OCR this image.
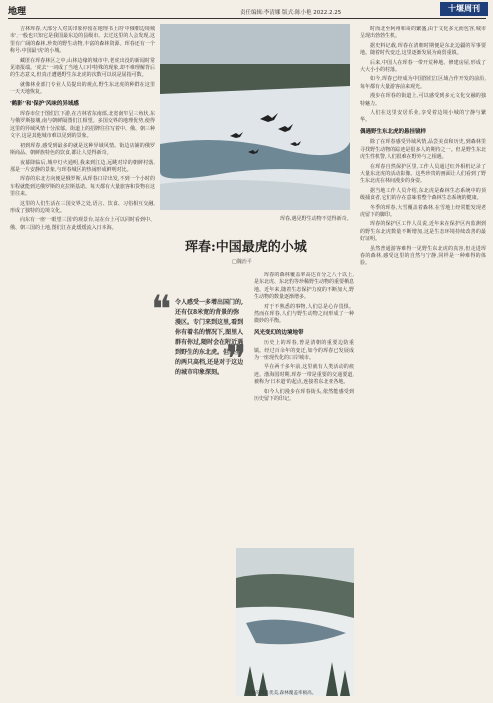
地理	责任编辑:李清娜 版式:陈小艳 2022.2.25	十堰周刊

吉林珲春,大部分人对其印象停留在地理书上的'中俄朝边境城市',一般也只知它是我国最东边的县级市。去过这里的人会发现,这里有广阔的森林,珍贵的野生动物,丰富的森林资源。珲春还有一个称号:中国最'虎'的小城。

藏匿在珲春林区之中,山林边缘的城市中,老虎出没的新闻时常见诸报端。'虎去'一词成了当地人口中特殊的现象,却不难理解背后的生态意义,但真正遭遇野生东北虎的次数可以说是屈指可数。

就像林业部门专业人员提出的观点,野生东北虎的种群在这里一天天地恢复。

'鹤影''和'保护'风味的异域感

珲春市位于图们江下游,在吉林省东南部,北宽南窄呈三角状,东与俄罗斯接壤,南与朝鲜隔图们江相望。多国交界的地理优势,使得这里的异域风情十分浓郁。街道上的招牌往往写着中、俄、朝三种文字,这是其他城市难以见到的景象。

初到珲春,感受到最多的就是这种异域风情。街边店铺的俄罗斯商品、朝鲜族特色的饮食,都让人觉得新奇。

夜幕降临后,城中灯火通明,我来到江边,远眺对岸的朝鲜村落,那是一片安静的景象,与珲春城区的热闹形成鲜明对比。

珲春的东北方向便是俄罗斯,从珲春口岸出发,不到一个小时的车程就能到达俄罗斯的克拉斯基诺。每天都有大量旅客和货物在这里往来。

这里的人们生活在三国交界之处,语言、饮食、习俗相互交融,形成了独特的边境文化。

向东有一座'一眼望三国'的观景台,站在台上可以同时看到中、俄、朝三国的土地,图们江在此缓缓流入日本海。

珲春,遇见野生动物不觉得新奇。
珲春:中国最虎的小城
□魏治平
❝ 令人感受一多增出国门的,还有仅8米宽的背景的弥漫区。专门来到这里,看到你有着名的情况下,图里人群有你过,随时会在附近遇到野生的东北虎。但乘坐的两只高档,还是对于这边的城市印象深刻。 ❞

珲春的森林覆盖率高达百分之八十以上,是东北虎、东北豹等珍稀野生动物的重要栖息地。近年来,随着生态保护力度的不断加大,野生动物的数量逐渐增多。

对于不熟悉的事物,人们总是心存畏惧。然而在珲春,人们与野生动物之间形成了一种微妙的平衡。

风光变幻的边境地带

历史上的珲春,曾是清朝的重要边防重镇。经过百余年的变迁,如今的珲春已发展成为一座现代化的口岸城市。

早在两千多年前,这里就有人类活动的痕迹。渤海国时期,珲春一带是重要的交通要道,被称为'日本道'的起点,连接着东北亚各地。

如今人们漫步在珲春街头,依然能感受到历史留下的印记。

珲春的风景优美,森林覆盖率极高。

时而北至阿州和哥的繁盛,由于文化多元而包容,城市呈现出勃勃生机。

据史料记载,珲春在清朝时期便是东北边疆的军事要地。随着时代变迁,这里逐渐发展为商贸重镇。

后来,中国人在珲春一带开荒种地、修建房屋,形成了大大小小的村落。

如今,珲春已经成为中国图们江区域合作开发的前沿,每年都有大量游客前来观光。

漫步在珲春的街道上,可以感受到多元文化交融的独特魅力。

人们在这里安居乐业,享受着边境小城的宁静与繁华。

偶遇野生东北虎的悬挂镜样

除了在珲春感受异域风情,品尝美食和历史,到森林里寻找野生动物的踪迹是很多人的期待之一。但是野生东北虎生性机警,人们很难在野外与之相遇。

在珲春自然保护区里,工作人员通过红外相机记录了大量东北虎的活动影像。这些珍贵的画面让人们看到了野生东北虎在林间漫步的身姿。

据当地工作人员介绍,东北虎是森林生态系统中的顶级捕食者,它们的存在意味着整个森林生态系统的健康。

冬季的珲春,大雪覆盖着森林,在雪地上经常能发现老虎留下的脚印。

珲春的保护区工作人员说,近年来在保护区内监测到的野生东北虎数量不断增加,这是生态环境持续改善的最好证明。

虽然普通游客难得一见野生东北虎的真容,但走进珲春的森林,感受这里的自然与宁静,同样是一种难得的体验。
